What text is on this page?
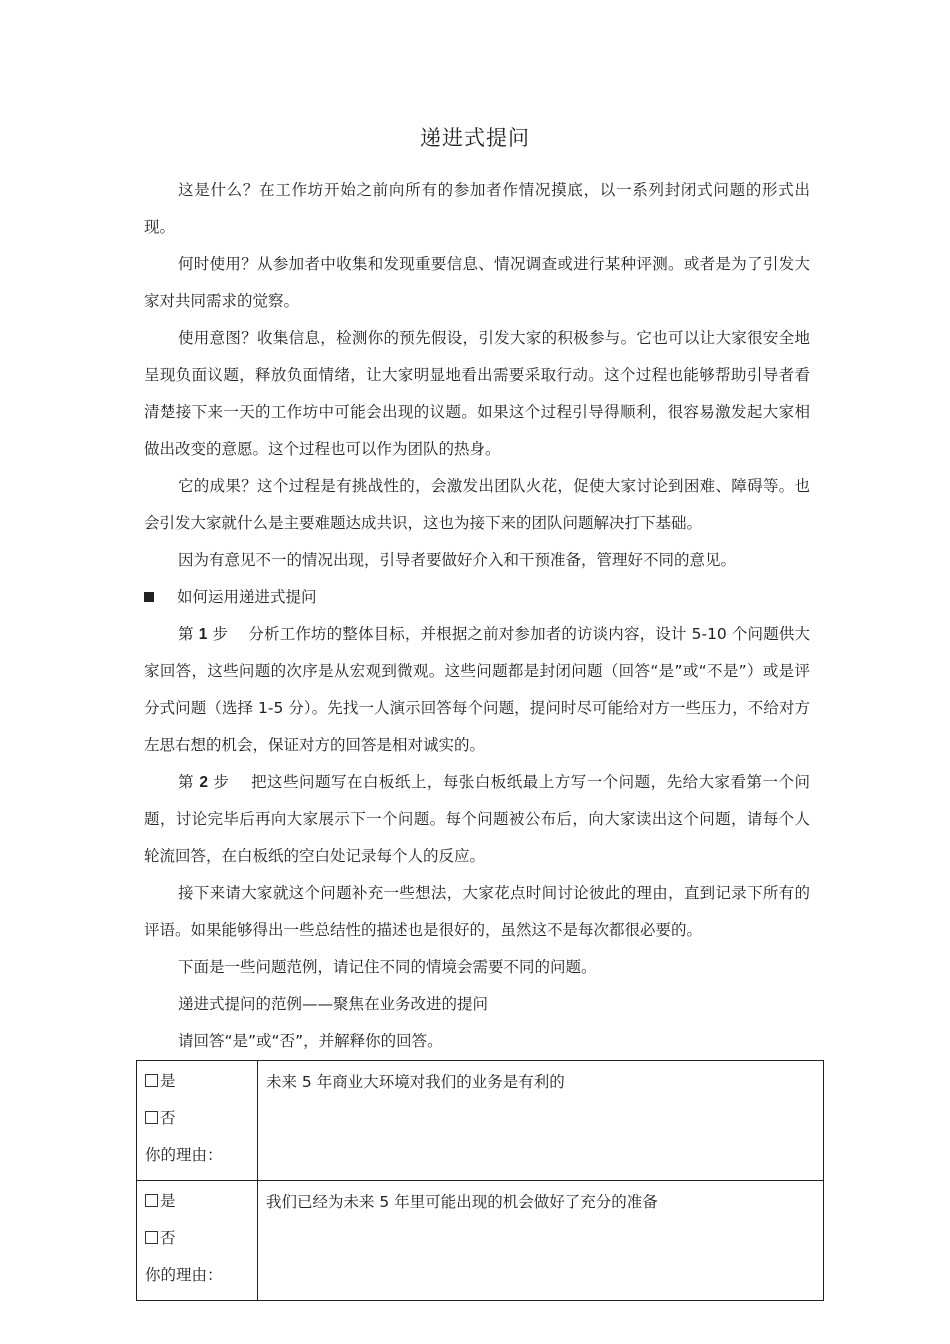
递进式提问

这是什么？在工作坊开始之前向所有的参加者作情况摸底，以一系列封闭式问题的形式出现。

何时使用？从参加者中收集和发现重要信息、情况调查或进行某种评测。或者是为了引发大家对共同需求的觉察。

使用意图？收集信息，检测你的预先假设，引发大家的积极参与。它也可以让大家很安全地呈现负面议题，释放负面情绪，让大家明显地看出需要采取行动。这个过程也能够帮助引导者看清楚接下来一天的工作坊中可能会出现的议题。如果这个过程引导得顺利，很容易激发起大家相做出改变的意愿。这个过程也可以作为团队的热身。

它的成果？这个过程是有挑战性的，会激发出团队火花，促使大家讨论到困难、障碍等。也会引发大家就什么是主要难题达成共识，这也为接下来的团队问题解决打下基础。

因为有意见不一的情况出现，引导者要做好介入和干预准备，管理好不同的意见。

如何运用递进式提问

第 1 步 分析工作坊的整体目标，并根据之前对参加者的访谈内容，设计 5-10 个问题供大家回答，这些问题的次序是从宏观到微观。这些问题都是封闭问题（回答“是”或“不是”）或是评分式问题（选择 1-5 分）。先找一人演示回答每个问题，提问时尽可能给对方一些压力，不给对方左思右想的机会，保证对方的回答是相对诚实的。

第 2 步 把这些问题写在白板纸上，每张白板纸最上方写一个问题，先给大家看第一个问题，讨论完毕后再向大家展示下一个问题。每个问题被公布后，向大家读出这个问题，请每个人轮流回答，在白板纸的空白处记录每个人的反应。

接下来请大家就这个问题补充一些想法，大家花点时间讨论彼此的理由，直到记录下所有的评语。如果能够得出一些总结性的描述也是很好的，虽然这不是每次都很必要的。

下面是一些问题范例，请记住不同的情境会需要不同的问题。

递进式提问的范例——聚焦在业务改进的提问

请回答“是”或“否”，并解释你的回答。

是否
你的理由：	未来 5 年商业大环境对我们的业务是有利的
是否
你的理由：	我们已经为未来 5 年里可能出现的机会做好了充分的准备
